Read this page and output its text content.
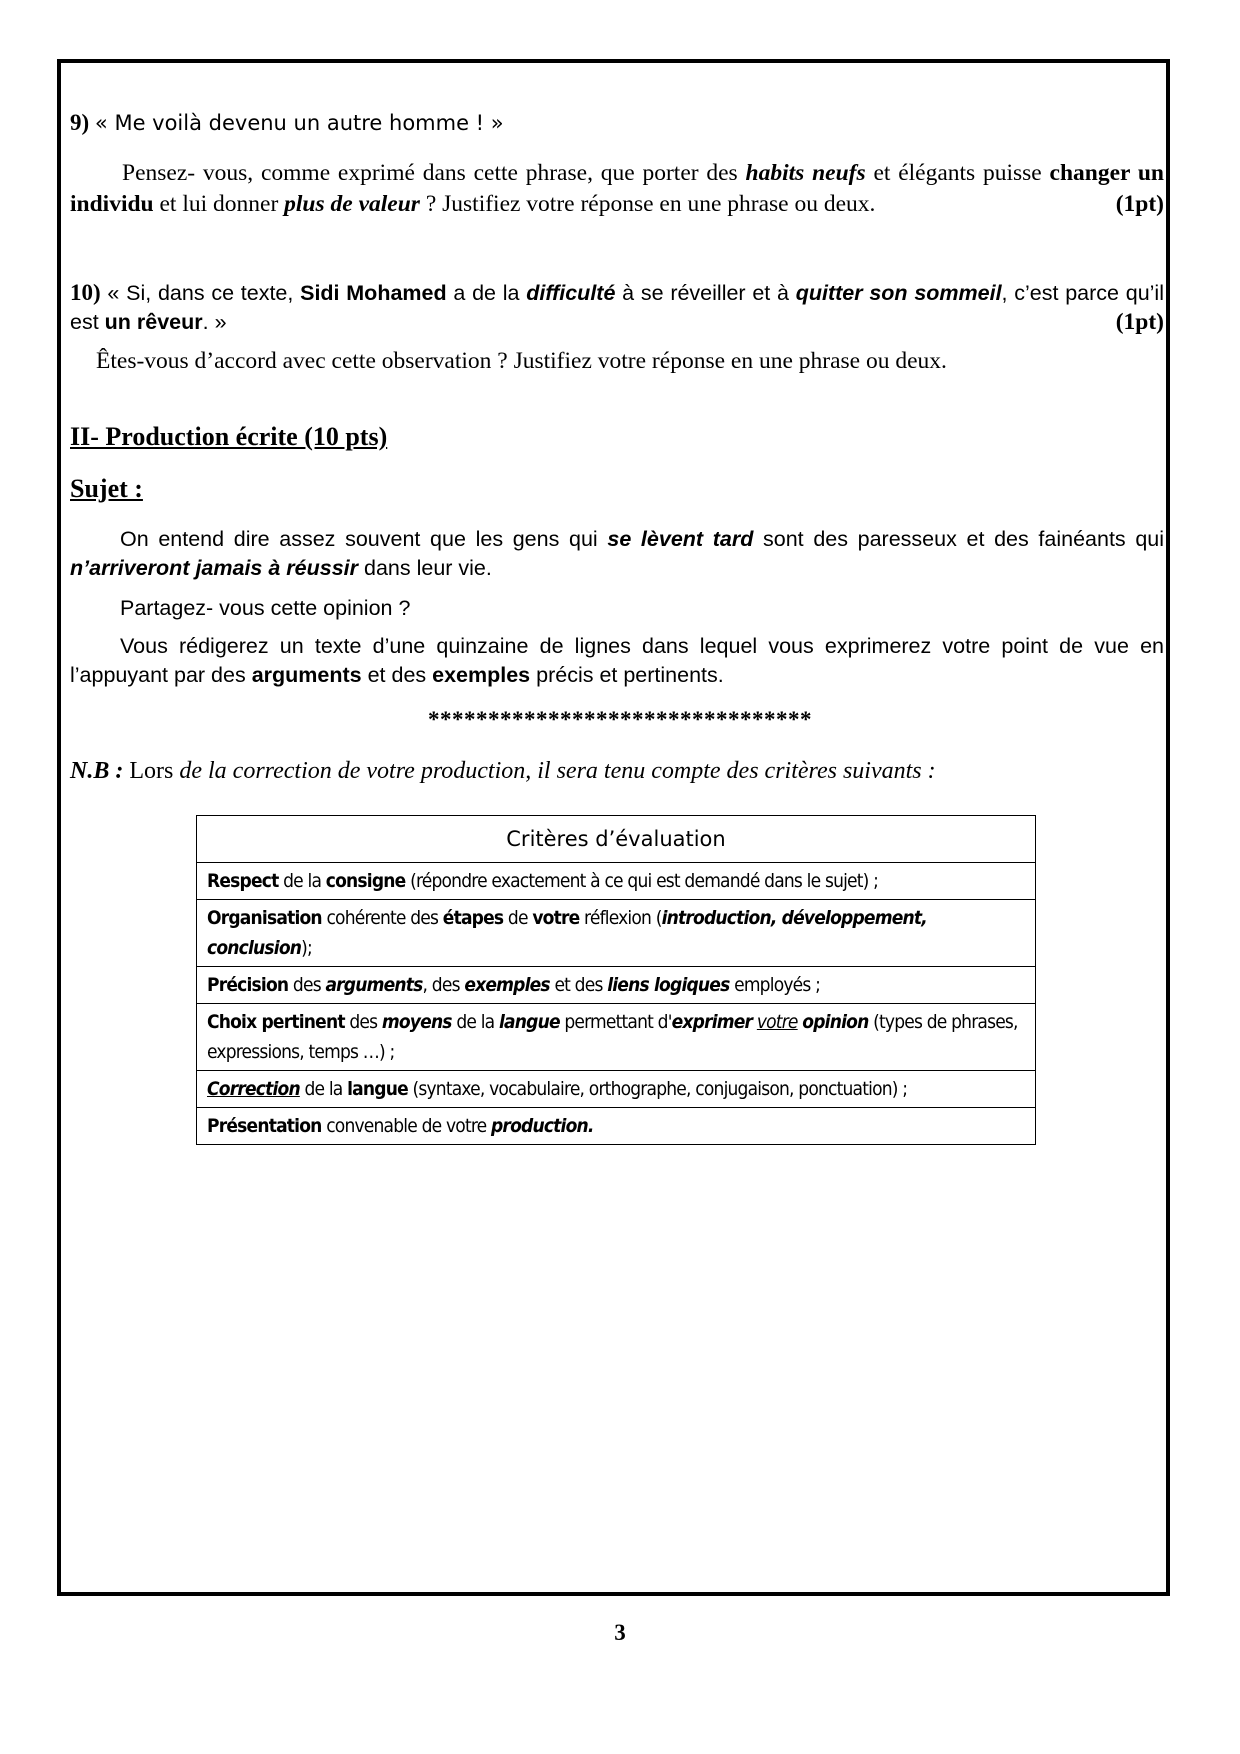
9) « Me voilà devenu un autre homme ! »
Pensez- vous, comme exprimé dans cette phrase, que porter des habits neufs et élégants puisse changer un individu et lui donner plus de valeur ? Justifiez votre réponse en une phrase ou deux.	(1pt)
10) « Si, dans ce texte, Sidi Mohamed a de la difficulté à se réveiller et à quitter son sommeil, c’est parce qu’il est un rêveur. »	(1pt)
Êtes-vous d’accord avec cette observation ? Justifiez votre réponse en une phrase ou deux.
II- Production écrite (10 pts)
Sujet :
On entend dire assez souvent que les gens qui se lèvent tard sont des paresseux et des fainéants qui n’arriveront jamais à réussir dans leur vie.
Partagez- vous cette opinion ?
Vous rédigerez un texte d’une quinzaine de lignes dans lequel vous exprimerez votre point de vue en l’appuyant par des arguments et des exemples précis et pertinents.
********************************
N.B : Lors de la correction de votre production, il sera tenu compte des critères suivants :
Critères d’évaluation
Respect de la consigne (répondre exactement à ce qui est demandé dans le sujet) ;
Organisation cohérente des étapes de votre réflexion (introduction, développement, conclusion);
Précision des arguments, des exemples et des liens logiques employés ;
Choix pertinent des moyens de la langue permettant d'exprimer votre opinion (types de phrases, expressions, temps …) ;
Correction de la langue (syntaxe, vocabulaire, orthographe, conjugaison, ponctuation) ;
Présentation convenable de votre production.
3
